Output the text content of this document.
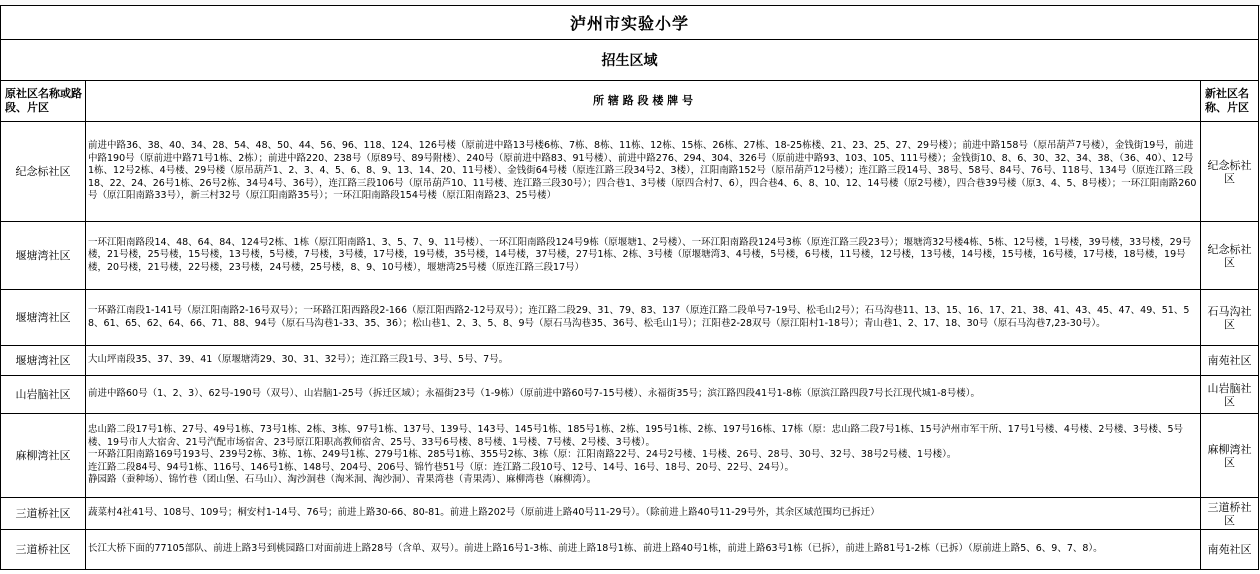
泸州市实验小学		
招生区域		
原社区名称或路段、片区	所 辖 路 段 楼 牌 号	新社区名称、片区
纪念标社区	前进中路36、38、40、34、28、54、48、50、44、56、96、118、124、126号楼（原前进中路13号楼6栋、7栋、8栋、11栋、12栋、15栋、26栋、27栋、18-25栋楼、21、23、25、27、29号楼）；前进中路158号（原吊葫芦7号楼），金钱街19号，前进中路190号（原前进中路71号1栋、2栋）；前进中路220、238号（原89号、89号附楼）、240号（原前进中路83、91号楼）、前进中路276、294、304、326号（原前进中路93、103、105、111号楼）；金钱街10、8、6、30、32、34、38、（36、40）、12号1栋、12号2栋、4号楼、29号楼（原吊葫芦1、2、3、4、5、6、8、9、13、14、20、11号楼）、金钱街64号楼（原连江路三段34号2、3楼），江阳南路152号（原吊葫芦12号楼）；连江路三段14号、38号、58号、84号、76号、118号、134号（原连江路三段18、22、24、26号1栋、26号2栋、34号4号、36号），连江路三段106号（原吊葫芦10、11号楼、连江路三段30号）；四合巷1、3号楼（原四合村7、6），四合巷4、6、8、10、12、14号楼（原2号楼），四合巷39号楼（原3、4、5、8号楼）；一环江阳南路260号（原江阳南路33号），新三村32号（原江阳南路35号）；一环江阳南路段154号楼（原江阳南路23、25号楼）	纪念标社区
堰塘湾社区	一环江阳南路段14、48、64、84、124号2栋、1栋（原江阳南路1、3、5、7、9、11号楼）、一环江阳南路段124号9栋（原堰塘1、2号楼）、一环江阳南路段124号3栋（原连江路三段23号）；堰塘湾32号楼4栋、5栋、12号楼，1号楼，39号楼，33号楼，29号楼，21号楼，25号楼，15号楼，13号楼，5号楼，7号楼，3号楼，17号楼，19号楼，35号楼，14号楼，37号楼，27号1栋、2栋、3号楼（原堰塘湾3、4号楼，5号楼，6号楼，11号楼，12号楼，13号楼，14号楼，15号楼，16号楼，17号楼，18号楼，19号楼，20号楼，21号楼，22号楼，23号楼，24号楼，25号楼，8、9、10号楼），堰塘湾25号楼（原连江路三段17号）	纪念标社区
堰塘湾社区	一环路江南段1-141号（原江阳南路2-16号双号）；一环路江阳西路段2-166（原江阳西路2-12号双号）；连江路二段29、31、79、83、137（原连江路二段单号7-19号、松毛山2号）；石马沟巷11、13、15、16、17、21、38、41、43、45、47、49、51、58、61、65、62、64、66、71、88、94号（原石马沟巷1-33、35、36）；松山巷1、2、3、5、8、9号（原石马沟巷35、36号、松毛山1号）；江阳巷2-28双号（原江阳村1-18号）；青山巷1、2、17、18、30号（原石马沟巷7,23-30号）。	石马沟社区
堰塘湾社区	大山坪南段35、37、39、41（原堰塘湾29、30、31、32号）；连江路三段1号、3号、5号、7号。	南苑社区
山岩脑社区	前进中路60号（1、2、3）、62号-190号（双号）、山岩脑1-25号（拆迁区域）；永福街23号（1-9栋）（原前进中路60号7-15号楼）、永福街35号；滨江路四段41号1-8栋（原滨江路四段7号长江现代城1-8号楼）。	山岩脑社区
麻柳湾社区	忠山路二段17号1栋、27号、49号1栋、73号1栋、2栋、3栋、97号1栋、137号、139号、143号、145号1栋、185号1栋、2栋、195号1栋、2栋、197号16栋、17栋（原：忠山路二段7号1栋、15号泸州市军干所、17号1号楼、4号楼、2号楼、3号楼、5号楼、19号市人大宿舍、21号汽配市场宿舍、23号原江阳职高教师宿舍、25号、33号6号楼、8号楼、1号楼、7号楼、2号楼、3号楼）。
一环路江阳南路169号193号、239号2栋、3栋、1栋、249号1栋、279号1栋、285号1栋、355号2栋、3栋（原：江阳南路22号、24号2号楼、1号楼、26号、28号、30号、32号、38号2号楼、1号楼）。
连江路二段84号、94号1栋、116号、146号1栋、148号、204号、206号、锦竹巷51号（原：连江路二段10号、12号、14号、16号、18号、20号、22号、24号）。
静园路（蚕种场）、锦竹巷（团山堡、石马山）、淘沙洞巷（淘米洞、淘沙洞）、青果湾巷（青果湾）、麻柳湾巷（麻柳湾）。	麻柳湾社区
三道桥社区	蔬菜村4社41号、108号、109号；桐安村1-14号、76号；前进上路30-66、80-81。前进上路202号（原前进上路40号11-29号）。（除前进上路40号11-29号外，其余区域范围均已拆迁）	三道桥社区
三道桥社区	长江大桥下面的77105部队、前进上路3号到桃园路口对面前进上路28号（含单、双号）。前进上路16号1-3栋、前进上路18号1栋、前进上路40号1栋，前进上路63号1栋（已拆），前进上路81号1-2栋（已拆）（原前进上路5、6、9、7、8）。	南苑社区
